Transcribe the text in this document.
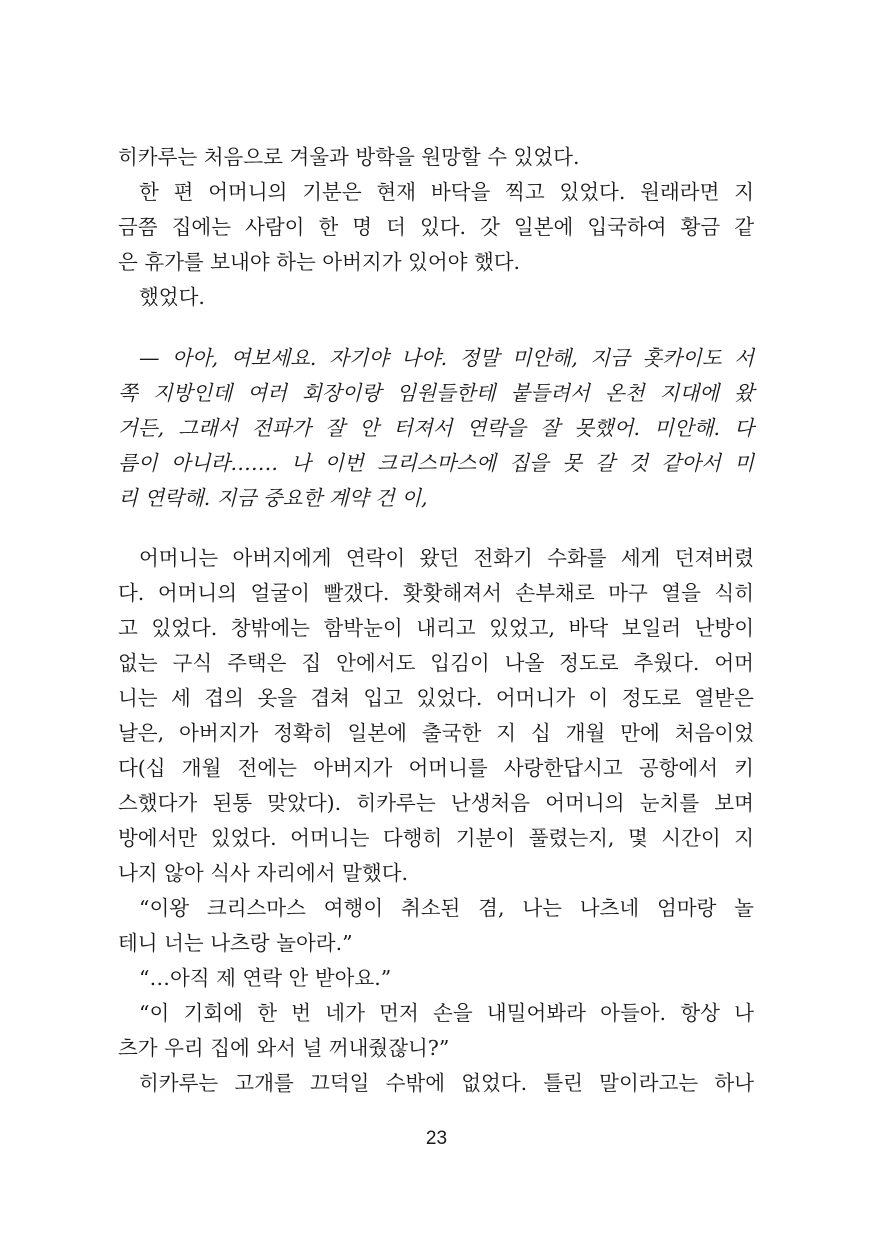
히카루는 처음으로 겨울과 방학을 원망할 수 있었다.
한 편 어머니의 기분은 현재 바닥을 찍고 있었다. 원래라면 지
금쯤 집에는 사람이 한 명 더 있다. 갓 일본에 입국하여 황금 같
은 휴가를 보내야 하는 아버지가 있어야 했다.
했었다.
— 아아, 여보세요. 자기야 나야. 정말 미안해, 지금 홋카이도 서
쪽 지방인데 여러 회장이랑 임원들한테 붙들려서 온천 지대에 왔
거든, 그래서 전파가 잘 안 터져서 연락을 잘 못했어. 미안해. 다
름이 아니라……. 나 이번 크리스마스에 집을 못 갈 것 같아서 미
리 연락해. 지금 중요한 계약 건 이,
어머니는 아버지에게 연락이 왔던 전화기 수화를 세게 던져버렸
다. 어머니의 얼굴이 빨갰다. 홧홧해져서 손부채로 마구 열을 식히
고 있었다. 창밖에는 함박눈이 내리고 있었고, 바닥 보일러 난방이
없는 구식 주택은 집 안에서도 입김이 나올 정도로 추웠다. 어머
니는 세 겹의 옷을 겹쳐 입고 있었다. 어머니가 이 정도로 열받은
날은, 아버지가 정확히 일본에 출국한 지 십 개월 만에 처음이었
다(십 개월 전에는 아버지가 어머니를 사랑한답시고 공항에서 키
스했다가 된통 맞았다). 히카루는 난생처음 어머니의 눈치를 보며
방에서만 있었다. 어머니는 다행히 기분이 풀렸는지, 몇 시간이 지
나지 않아 식사 자리에서 말했다.
“이왕 크리스마스 여행이 취소된 겸, 나는 나츠네 엄마랑 놀
테니 너는 나츠랑 놀아라.”
“…아직 제 연락 안 받아요.”
“이 기회에 한 번 네가 먼저 손을 내밀어봐라 아들아. 항상 나
츠가 우리 집에 와서 널 꺼내줬잖니?”
히카루는 고개를 끄덕일 수밖에 없었다. 틀린 말이라고는 하나
23
